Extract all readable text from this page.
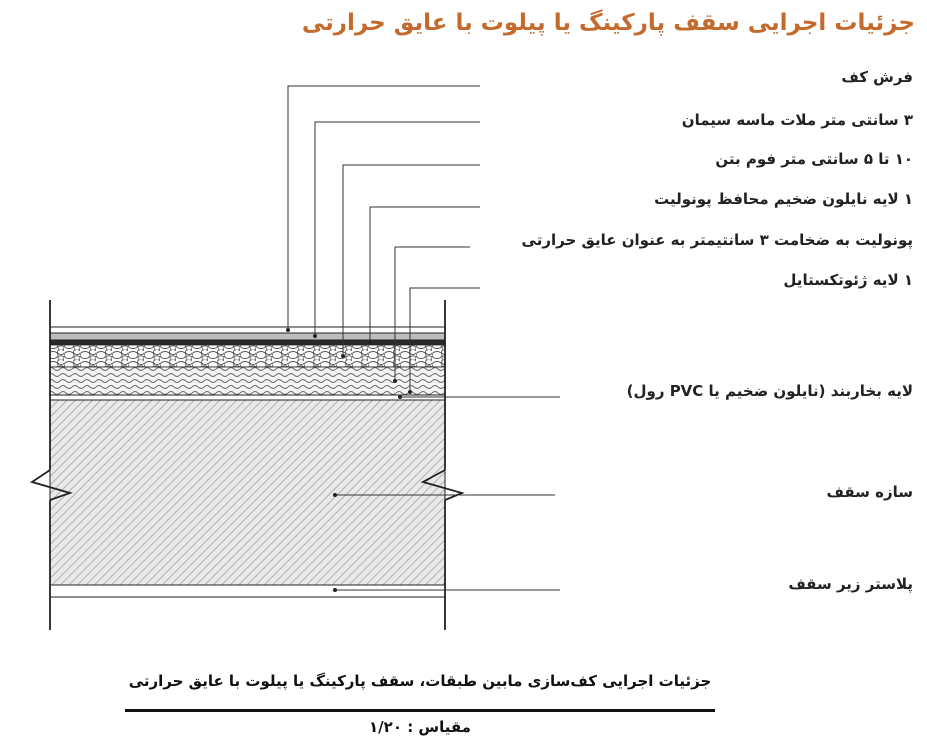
جزئیات اجرایی سقف پارکینگ یا پیلوت با عایق حرارتی
فرش کف
۳ سانتی متر ملات ماسه سیمان
۱۰ تا ۵ سانتی متر فوم بتن
۱ لایه نایلون ضخیم محافظ پونولیت
پونولیت به ضخامت ۳ سانتیمتر به عنوان عایق حرارتی
۱ لایه ژئوتکستایل
لایه بخاربند (نایلون ضخیم یا PVC رول)
سازه سقف
پلاستر زیر سقف
جزئیات اجرایی کف‌سازی مابین طبقات، سقف پارکینگ یا پیلوت با عایق حرارتی
مقیاس : ۱/۲۰
